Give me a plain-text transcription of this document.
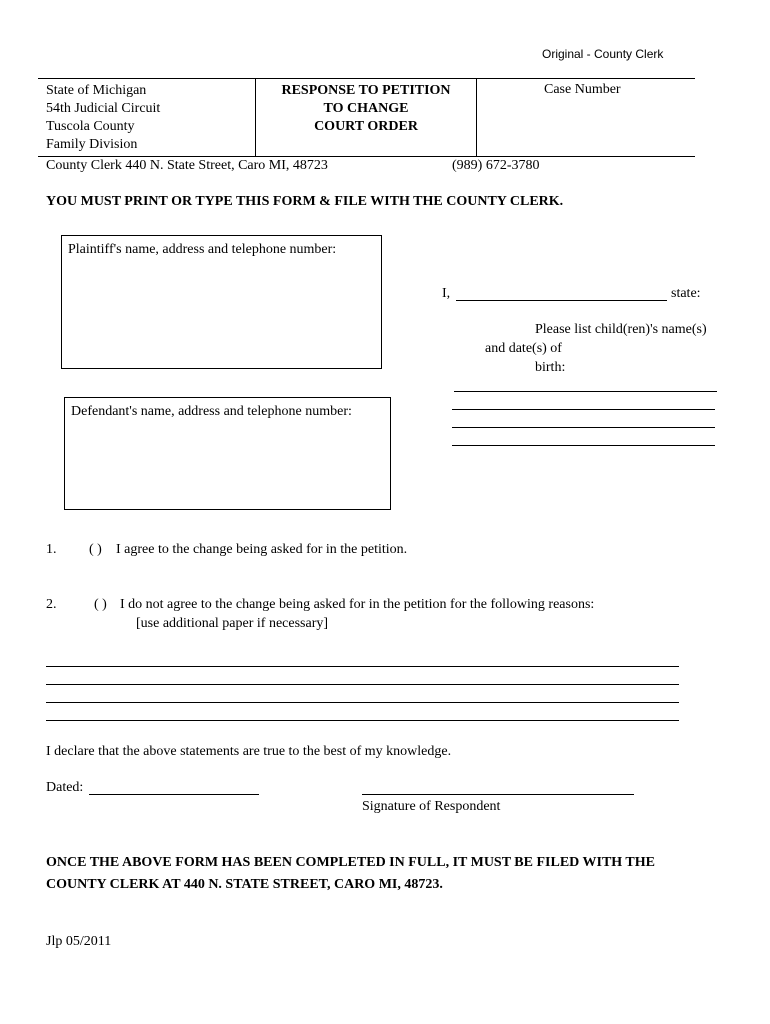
Original - County Clerk
State of Michigan
54th Judicial Circuit
Tuscola County
Family Division
RESPONSE TO PETITION
TO CHANGE
COURT ORDER
Case Number
County Clerk 440 N. State Street, Caro MI, 48723	(989) 672-3780
YOU MUST PRINT OR TYPE THIS FORM & FILE WITH THE COUNTY CLERK.
Plaintiff's name, address and telephone number:
Defendant's name, address and telephone number:
I,	state:
Please list child(ren)'s name(s)
and date(s) of
birth:
1. ( ) I agree to the change being asked for in the petition.
2.	( ) I do not agree to the change being asked for in the petition for the following reasons:
[use additional paper if necessary]
I declare that the above statements are true to the best of my knowledge.
Dated:
Signature of Respondent
ONCE THE ABOVE FORM HAS BEEN COMPLETED IN FULL, IT MUST BE FILED WITH THE
COUNTY CLERK AT 440 N. STATE STREET, CARO MI, 48723.
Jlp 05/2011
